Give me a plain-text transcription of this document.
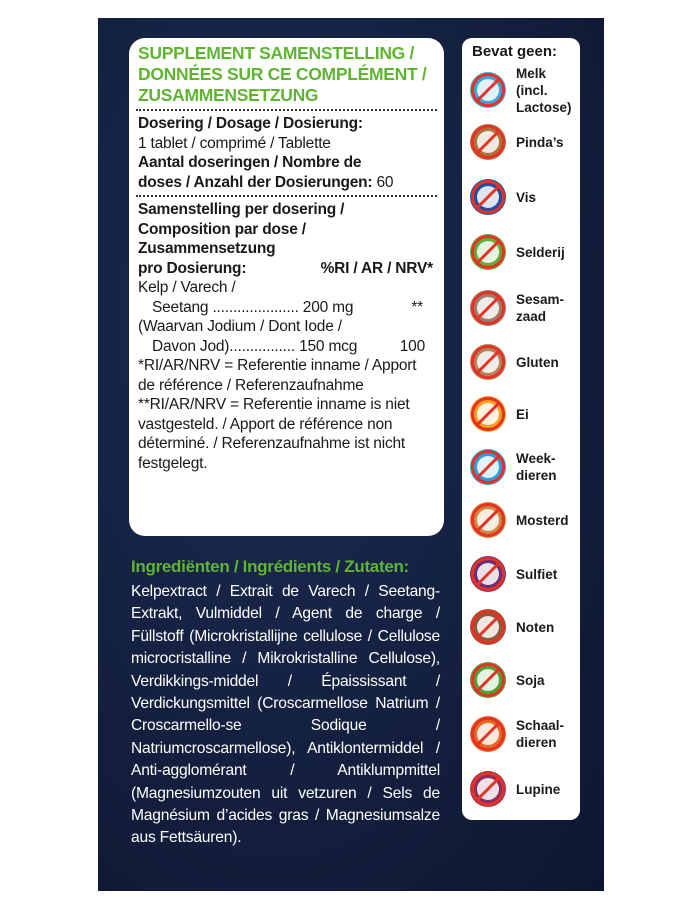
SUPPLEMENT SAMENSTELLING /
DONNÉES SUR CE COMPLÉMENT /
ZUSAMMENSETZUNG
Dosering / Dosage / Dosierung:
1 tablet / comprimé / Tablette
Aantal doseringen / Nombre de
doses / Anzahl der Dosierungen: 60
Samenstelling per dosering /
Composition par dose /
Zusammensetzung
pro Dosierung:	%RI / AR / NRV*
Kelp / Varech /
Seetang ..................... 200 mg	**
(Waarvan Jodium / Dont Iode /
Davon Jod)................ 150 mcg	100
*RI/AR/NRV = Referentie inname / Apport
de référence / Referenzaufnahme
**RI/AR/NRV = Referentie inname is niet
vastgesteld. / Apport de référence non
déterminé. / Referenzaufnahme ist nicht
festgelegt.
Ingrediënten / Ingrédients / Zutaten:
Kelpextract / Extrait de Varech / Seetang-Extrakt, Vulmiddel / Agent de charge / Füllstoff (Microkristallijne cellulose / Cellulose microcristalline / Mikrokristalline Cellulose), Verdikkings-middel / Épaississant / Verdickungsmittel (Croscarmellose Natrium / Croscarmello-se Sodique / Natriumcroscarmellose), Antiklontermiddel / Anti-agglomérant / Antiklumpmittel (Magnesiumzouten uit vetzuren / Sels de Magnésium d’acides gras / Magnesiumsalze aus Fettsäuren).
Bevat geen:
Melk
(incl.
Lactose)
Pinda’s
Vis
Selderij
Sesam-
zaad
Gluten
Ei
Week-
dieren
Mosterd
Sulfiet
Noten
Soja
Schaal-
dieren
Lupine
